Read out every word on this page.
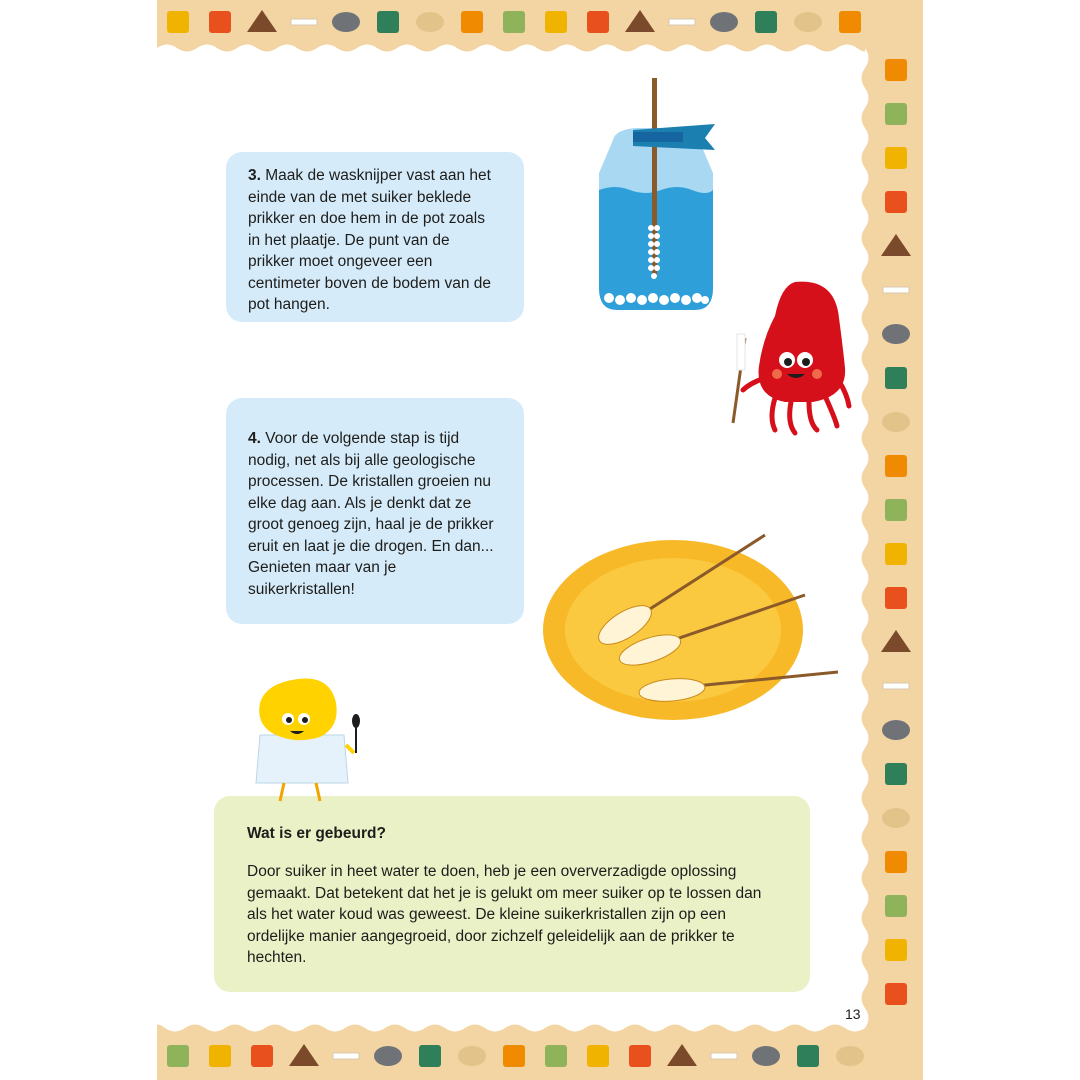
3. Maak de wasknijper vast aan het einde van de met suiker beklede prikker en doe hem in de pot zoals in het plaatje. De punt van de prikker moet ongeveer een centimeter boven de bodem van de pot hangen.
4. Voor de volgende stap is tijd nodig, net als bij alle geologische processen. De kristallen groeien nu elke dag aan. Als je denkt dat ze groot genoeg zijn, haal je de prikker eruit en laat je die drogen. En dan... Genieten maar van je suikerkristallen!
Wat is er gebeurd?
Door suiker in heet water te doen, heb je een oververzadigde oplossing gemaakt. Dat betekent dat het je is gelukt om meer suiker op te lossen dan als het water koud was geweest. De kleine suikerkristallen zijn op een ordelijke manier aangegroeid, door zichzelf geleidelijk aan de prikker te hechten.
13
